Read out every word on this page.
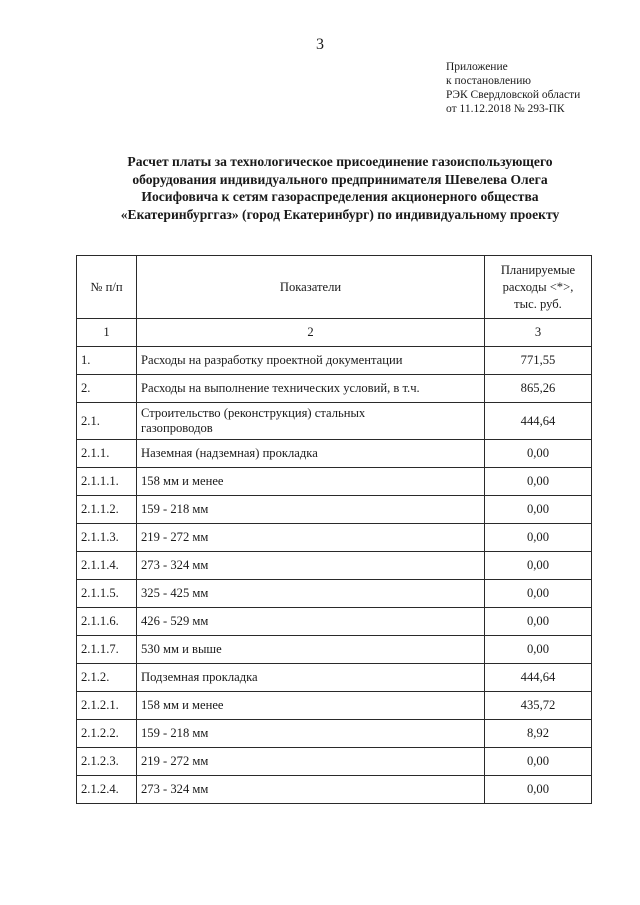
3
Приложение
к постановлению
РЭК Свердловской области
от 11.12.2018 № 293-ПК
Расчет платы за технологическое присоединение газоиспользующего
оборудования индивидуального предпринимателя Шевелева Олега
Иосифовича к сетям газораспределения акционерного общества
«Екатеринбурггаз» (город Екатеринбург) по индивидуальному проекту
№ п/п	Показатели	Планируемые
расходы <*>,
тыс. руб.

1	2	3
1.	Расходы на разработку проектной документации	771,55
2.	Расходы на выполнение технических условий, в т.ч.	865,26
2.1.	Строительство (реконструкция) стальных
газопроводов	444,64
2.1.1.	Наземная (надземная) прокладка	0,00
2.1.1.1.	158 мм и менее	0,00
2.1.1.2.	159 - 218 мм	0,00
2.1.1.3.	219 - 272 мм	0,00
2.1.1.4.	273 - 324 мм	0,00
2.1.1.5.	325 - 425 мм	0,00
2.1.1.6.	426 - 529 мм	0,00
2.1.1.7.	530 мм и выше	0,00
2.1.2.	Подземная прокладка	444,64
2.1.2.1.	158 мм и менее	435,72
2.1.2.2.	159 - 218 мм	8,92
2.1.2.3.	219 - 272 мм	0,00
2.1.2.4.	273 - 324 мм	0,00
